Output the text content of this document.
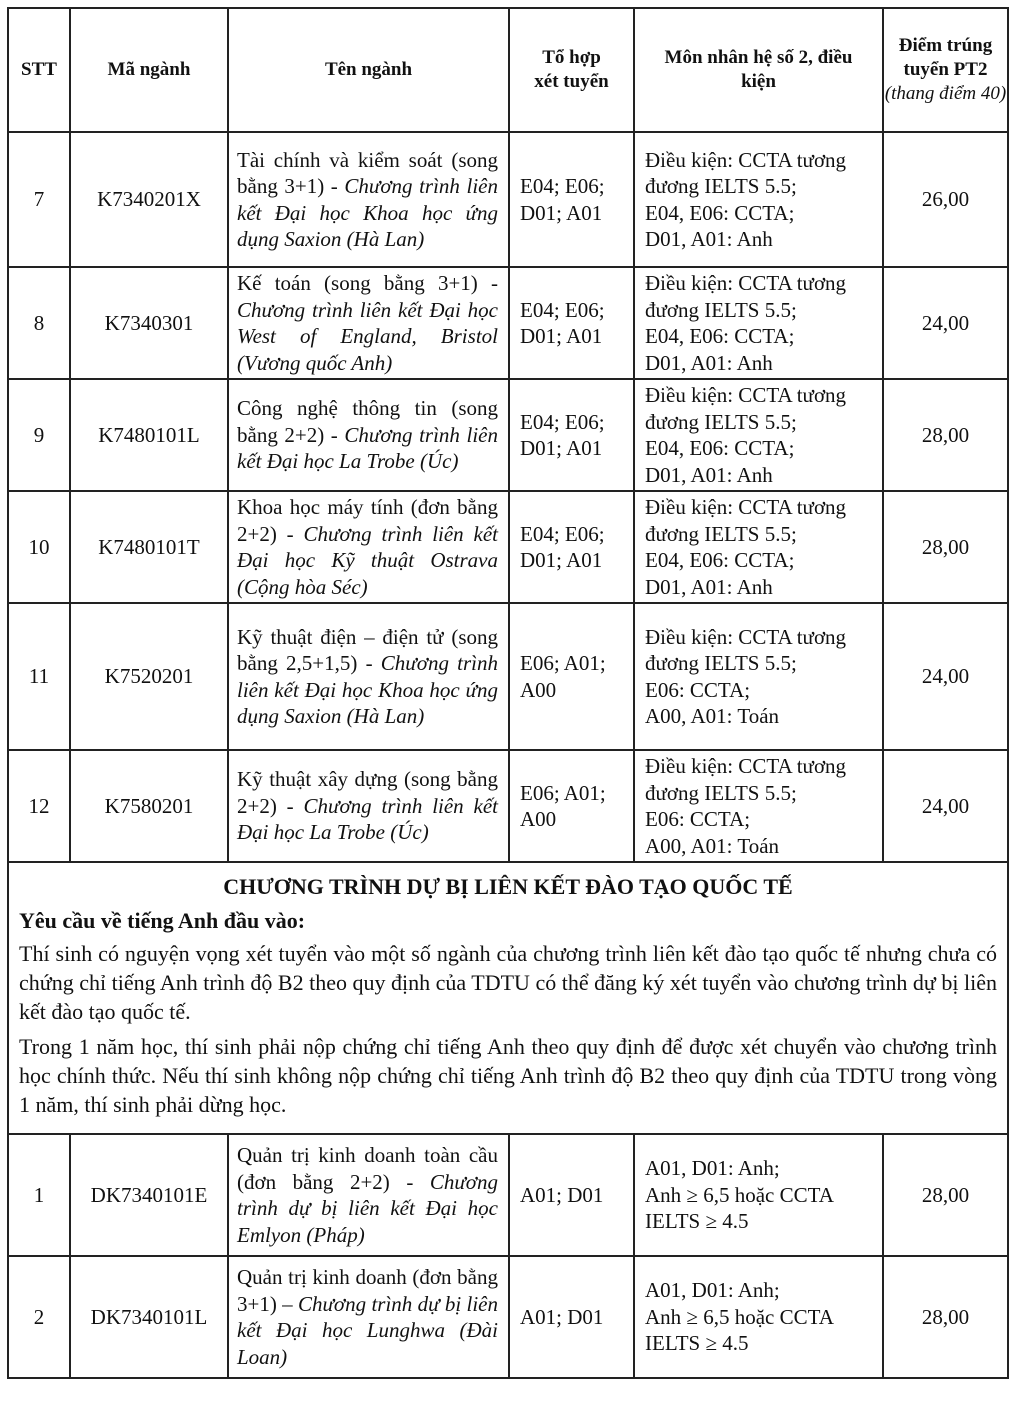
STT	Mã ngành	Tên ngành	Tổ hợp xét tuyển	Môn nhân hệ số 2, điều kiện	Điểm trúng tuyển PT2
(thang điểm 40)

7	K7340201X	Tài chính và kiểm soát (song bằng 3+1) - Chương trình liên kết Đại học Khoa học ứng dụng Saxion (Hà Lan)	E04; E06; D01; A01	Điều kiện: CCTA tương đương IELTS 5.5;
E04, E06: CCTA;
D01, A01: Anh	26,00
8	K7340301	Kế toán (song bằng 3+1) - Chương trình liên kết Đại học West of England, Bristol (Vương quốc Anh)	E04; E06; D01; A01	Điều kiện: CCTA tương đương IELTS 5.5;
E04, E06: CCTA;
D01, A01: Anh	24,00
9	K7480101L	Công nghệ thông tin (song bằng 2+2) - Chương trình liên kết Đại học La Trobe (Úc)	E04; E06; D01; A01	Điều kiện: CCTA tương đương IELTS 5.5;
E04, E06: CCTA;
D01, A01: Anh	28,00
10	K7480101T	Khoa học máy tính (đơn bằng 2+2) - Chương trình liên kết Đại học Kỹ thuật Ostrava (Cộng hòa Séc)	E04; E06; D01; A01	Điều kiện: CCTA tương đương IELTS 5.5;
E04, E06: CCTA;
D01, A01: Anh	28,00
11	K7520201	Kỹ thuật điện – điện tử (song bằng 2,5+1,5) - Chương trình liên kết Đại học Khoa học ứng dụng Saxion (Hà Lan)	E06; A01; A00	Điều kiện: CCTA tương đương IELTS 5.5;
E06: CCTA;
A00, A01: Toán	24,00
12	K7580201	Kỹ thuật xây dựng (song bằng 2+2) - Chương trình liên kết Đại học La Trobe (Úc)	E06; A01; A00	Điều kiện: CCTA tương đương IELTS 5.5;
E06: CCTA;
A00, A01: Toán	24,00

CHƯƠNG TRÌNH DỰ BỊ LIÊN KẾT ĐÀO TẠO QUỐC TẾ
Yêu cầu về tiếng Anh đầu vào:

Thí sinh có nguyện vọng xét tuyển vào một số ngành của chương trình liên kết đào tạo quốc tế nhưng chưa có chứng chỉ tiếng Anh trình độ B2 theo quy định của TDTU có thể đăng ký xét tuyển vào chương trình dự bị liên kết đào tạo quốc tế.

Trong 1 năm học, thí sinh phải nộp chứng chỉ tiếng Anh theo quy định để được xét chuyển vào chương trình học chính thức. Nếu thí sinh không nộp chứng chỉ tiếng Anh trình độ B2 theo quy định của TDTU trong vòng 1 năm, thí sinh phải dừng học.					

1	DK7340101E	Quản trị kinh doanh toàn cầu (đơn bằng 2+2) - Chương trình dự bị liên kết Đại học Emlyon (Pháp)	A01; D01	A01, D01: Anh;
Anh ≥ 6,5 hoặc CCTA IELTS ≥ 4.5	28,00
2	DK7340101L	Quản trị kinh doanh (đơn bằng 3+1) – Chương trình dự bị liên kết Đại học Lunghwa (Đài Loan)	A01; D01	A01, D01: Anh;
Anh ≥ 6,5 hoặc CCTA IELTS ≥ 4.5	28,00
